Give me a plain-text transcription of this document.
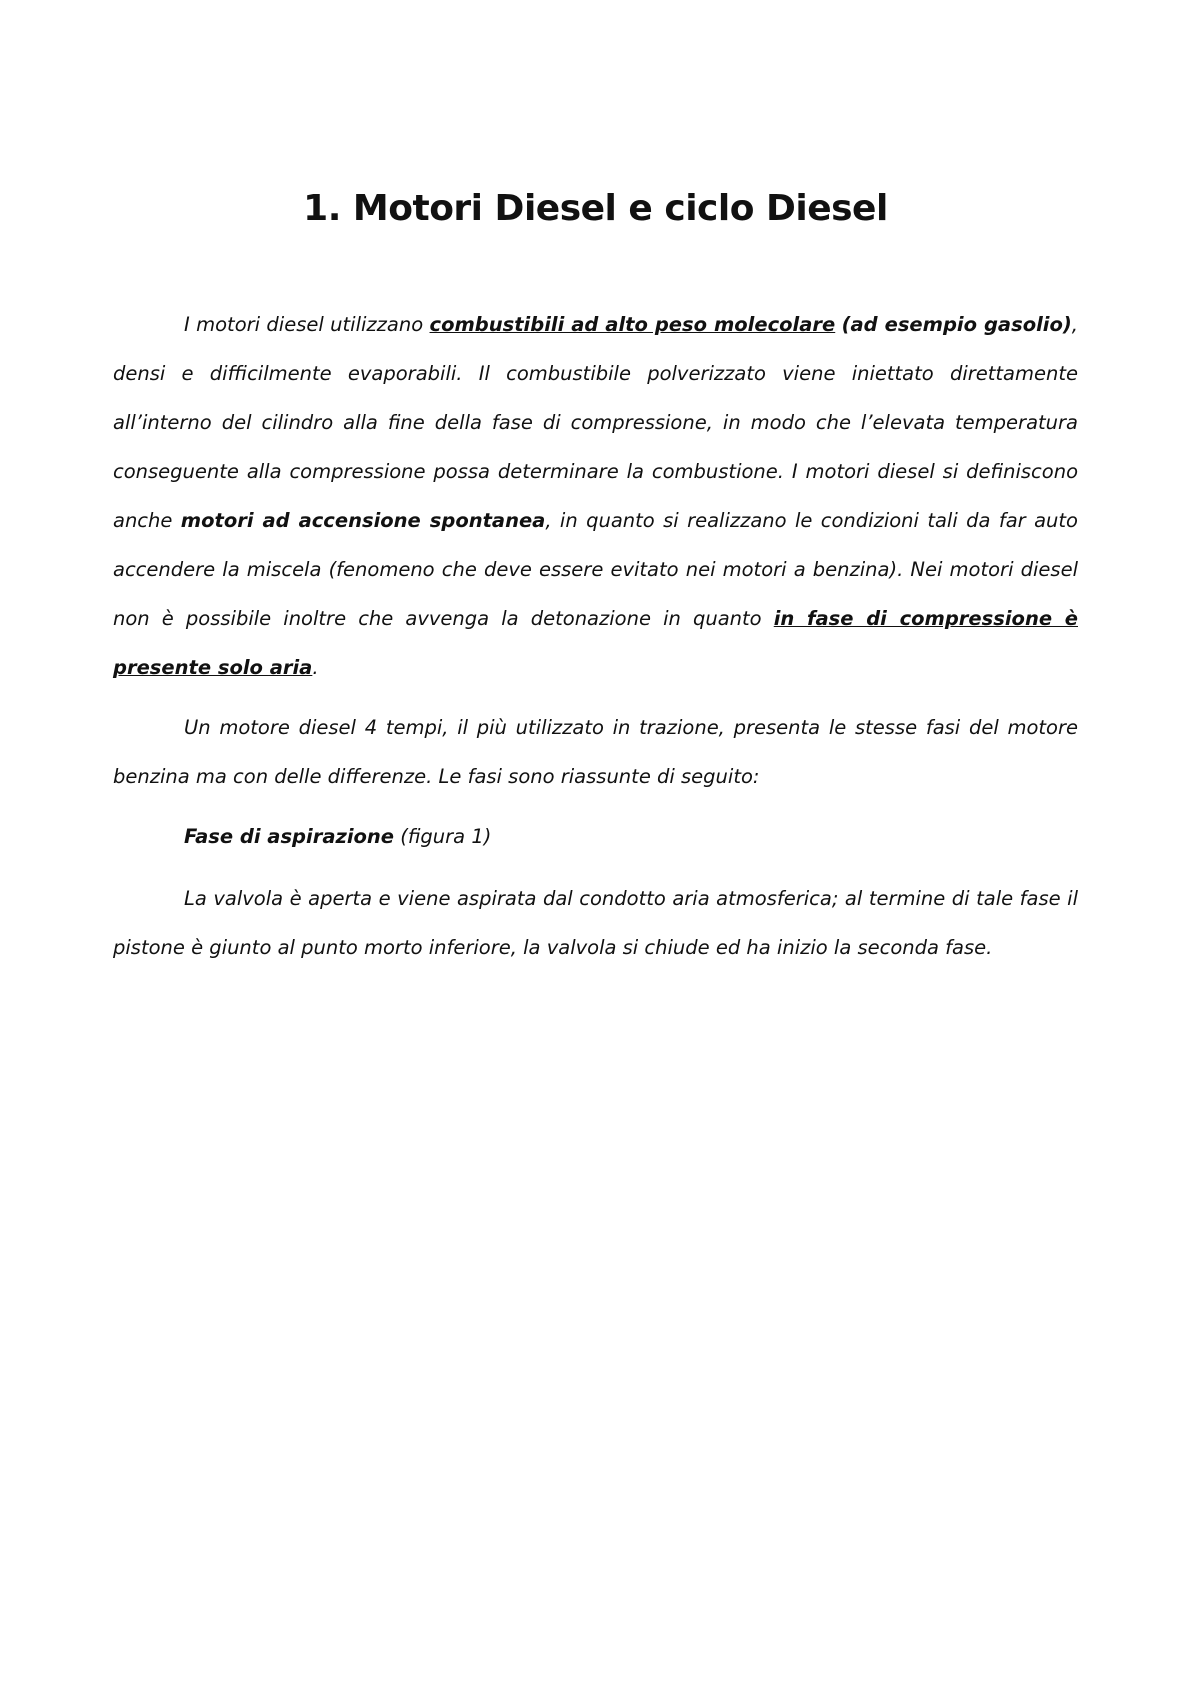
1. Motori Diesel e ciclo Diesel

I motori diesel utilizzano combustibili ad alto peso molecolare (ad esempio gasolio), densi e difficilmente evaporabili. Il combustibile polverizzato viene iniettato direttamente all’interno del cilindro alla fine della fase di compressione, in modo che l’elevata temperatura conseguente alla compressione possa determinare la combustione. I motori diesel si definiscono anche motori ad accensione spontanea, in quanto si realizzano le condizioni tali da far auto accendere la miscela (fenomeno che deve essere evitato nei motori a benzina). Nei motori diesel non è possibile inoltre che avvenga la detonazione in quanto in fase di compressione è presente solo aria.

Un motore diesel 4 tempi, il più utilizzato in trazione, presenta le stesse fasi del motore benzina ma con delle differenze. Le fasi sono riassunte di seguito:

Fase di aspirazione (figura 1)

La valvola è aperta e viene aspirata dal condotto aria atmosferica; al termine di tale fase il pistone è giunto al punto morto inferiore, la valvola si chiude ed ha inizio la seconda fase.
